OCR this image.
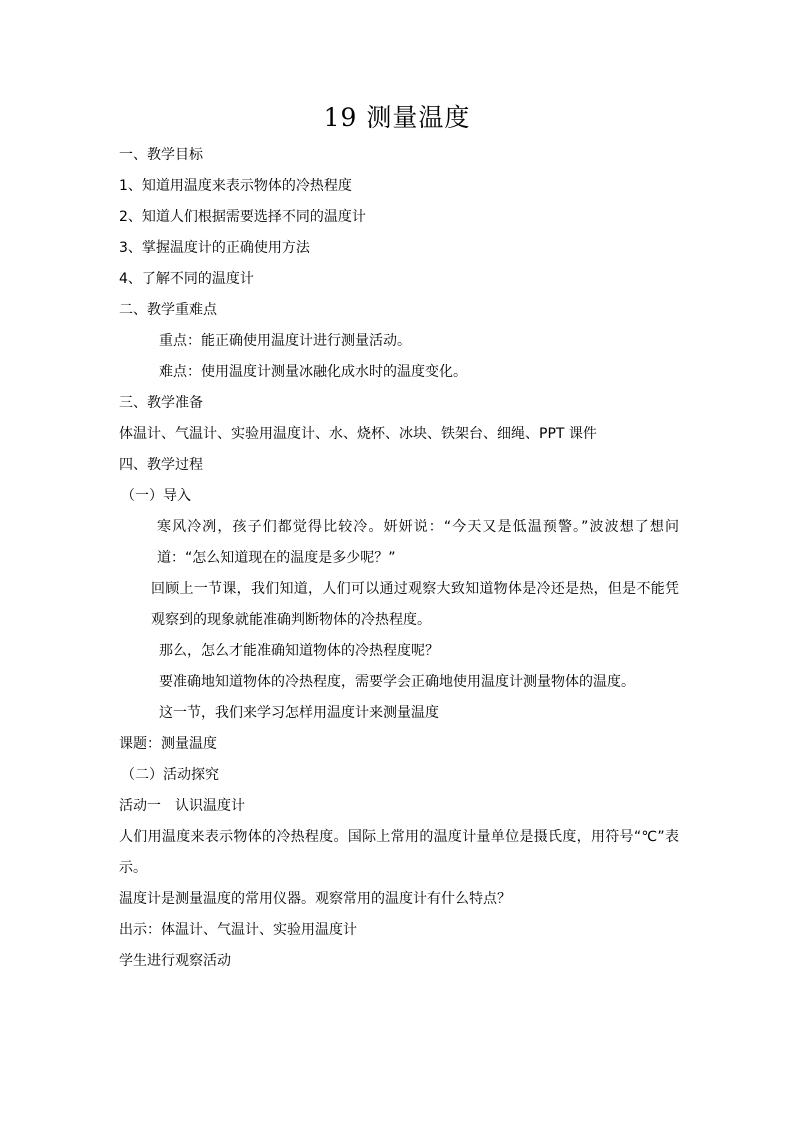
19 测量温度

一、教学目标

1、知道用温度来表示物体的冷热程度

2、知道人们根据需要选择不同的温度计

3、掌握温度计的正确使用方法

4、了解不同的温度计

二、教学重难点

重点：能正确使用温度计进行测量活动。

难点：使用温度计测量冰融化成水时的温度变化。

三、教学准备

体温计、气温计、实验用温度计、水、烧杯、冰块、铁架台、细绳、PPT 课件

四、教学过程

（一）导入

寒风冷冽，孩子们都觉得比较冷。妍妍说：“今天又是低温预警。”波波想了想问道：“怎么知道现在的温度是多少呢？”

回顾上一节课，我们知道，人们可以通过观察大致知道物体是冷还是热，但是不能凭观察到的现象就能准确判断物体的冷热程度。

那么，怎么才能准确知道物体的冷热程度呢？

要准确地知道物体的冷热程度，需要学会正确地使用温度计测量物体的温度。

这一节，我们来学习怎样用温度计来测量温度

课题：测量温度

（二）活动探究

活动一　认识温度计

人们用温度来表示物体的冷热程度。国际上常用的温度计量单位是摄氏度，用符号“℃”表示。

温度计是测量温度的常用仪器。观察常用的温度计有什么特点？

出示：体温计、气温计、实验用温度计

学生进行观察活动
